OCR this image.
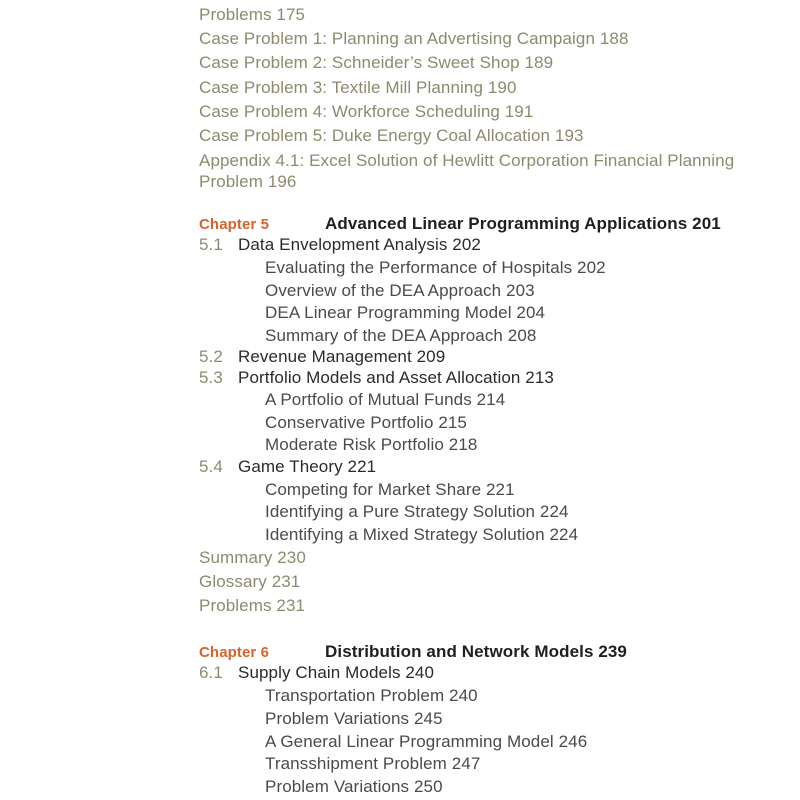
Problems 175
Case Problem 1: Planning an Advertising Campaign 188
Case Problem 2: Schneider’s Sweet Shop 189
Case Problem 3: Textile Mill Planning 190
Case Problem 4: Workforce Scheduling 191
Case Problem 5: Duke Energy Coal Allocation 193
Appendix 4.1: Excel Solution of Hewlitt Corporation Financial Planning
Problem 196
Chapter 5	Advanced Linear Programming Applications 201
5.1 Data Envelopment Analysis 202
Evaluating the Performance of Hospitals 202
Overview of the DEA Approach 203
DEA Linear Programming Model 204
Summary of the DEA Approach 208
5.2 Revenue Management 209
5.3 Portfolio Models and Asset Allocation 213
A Portfolio of Mutual Funds 214
Conservative Portfolio 215
Moderate Risk Portfolio 218
5.4 Game Theory 221
Competing for Market Share 221
Identifying a Pure Strategy Solution 224
Identifying a Mixed Strategy Solution 224
Summary 230
Glossary 231
Problems 231
Chapter 6	Distribution and Network Models 239
6.1 Supply Chain Models 240
Transportation Problem 240
Problem Variations 245
A General Linear Programming Model 246
Transshipment Problem 247
Problem Variations 250
